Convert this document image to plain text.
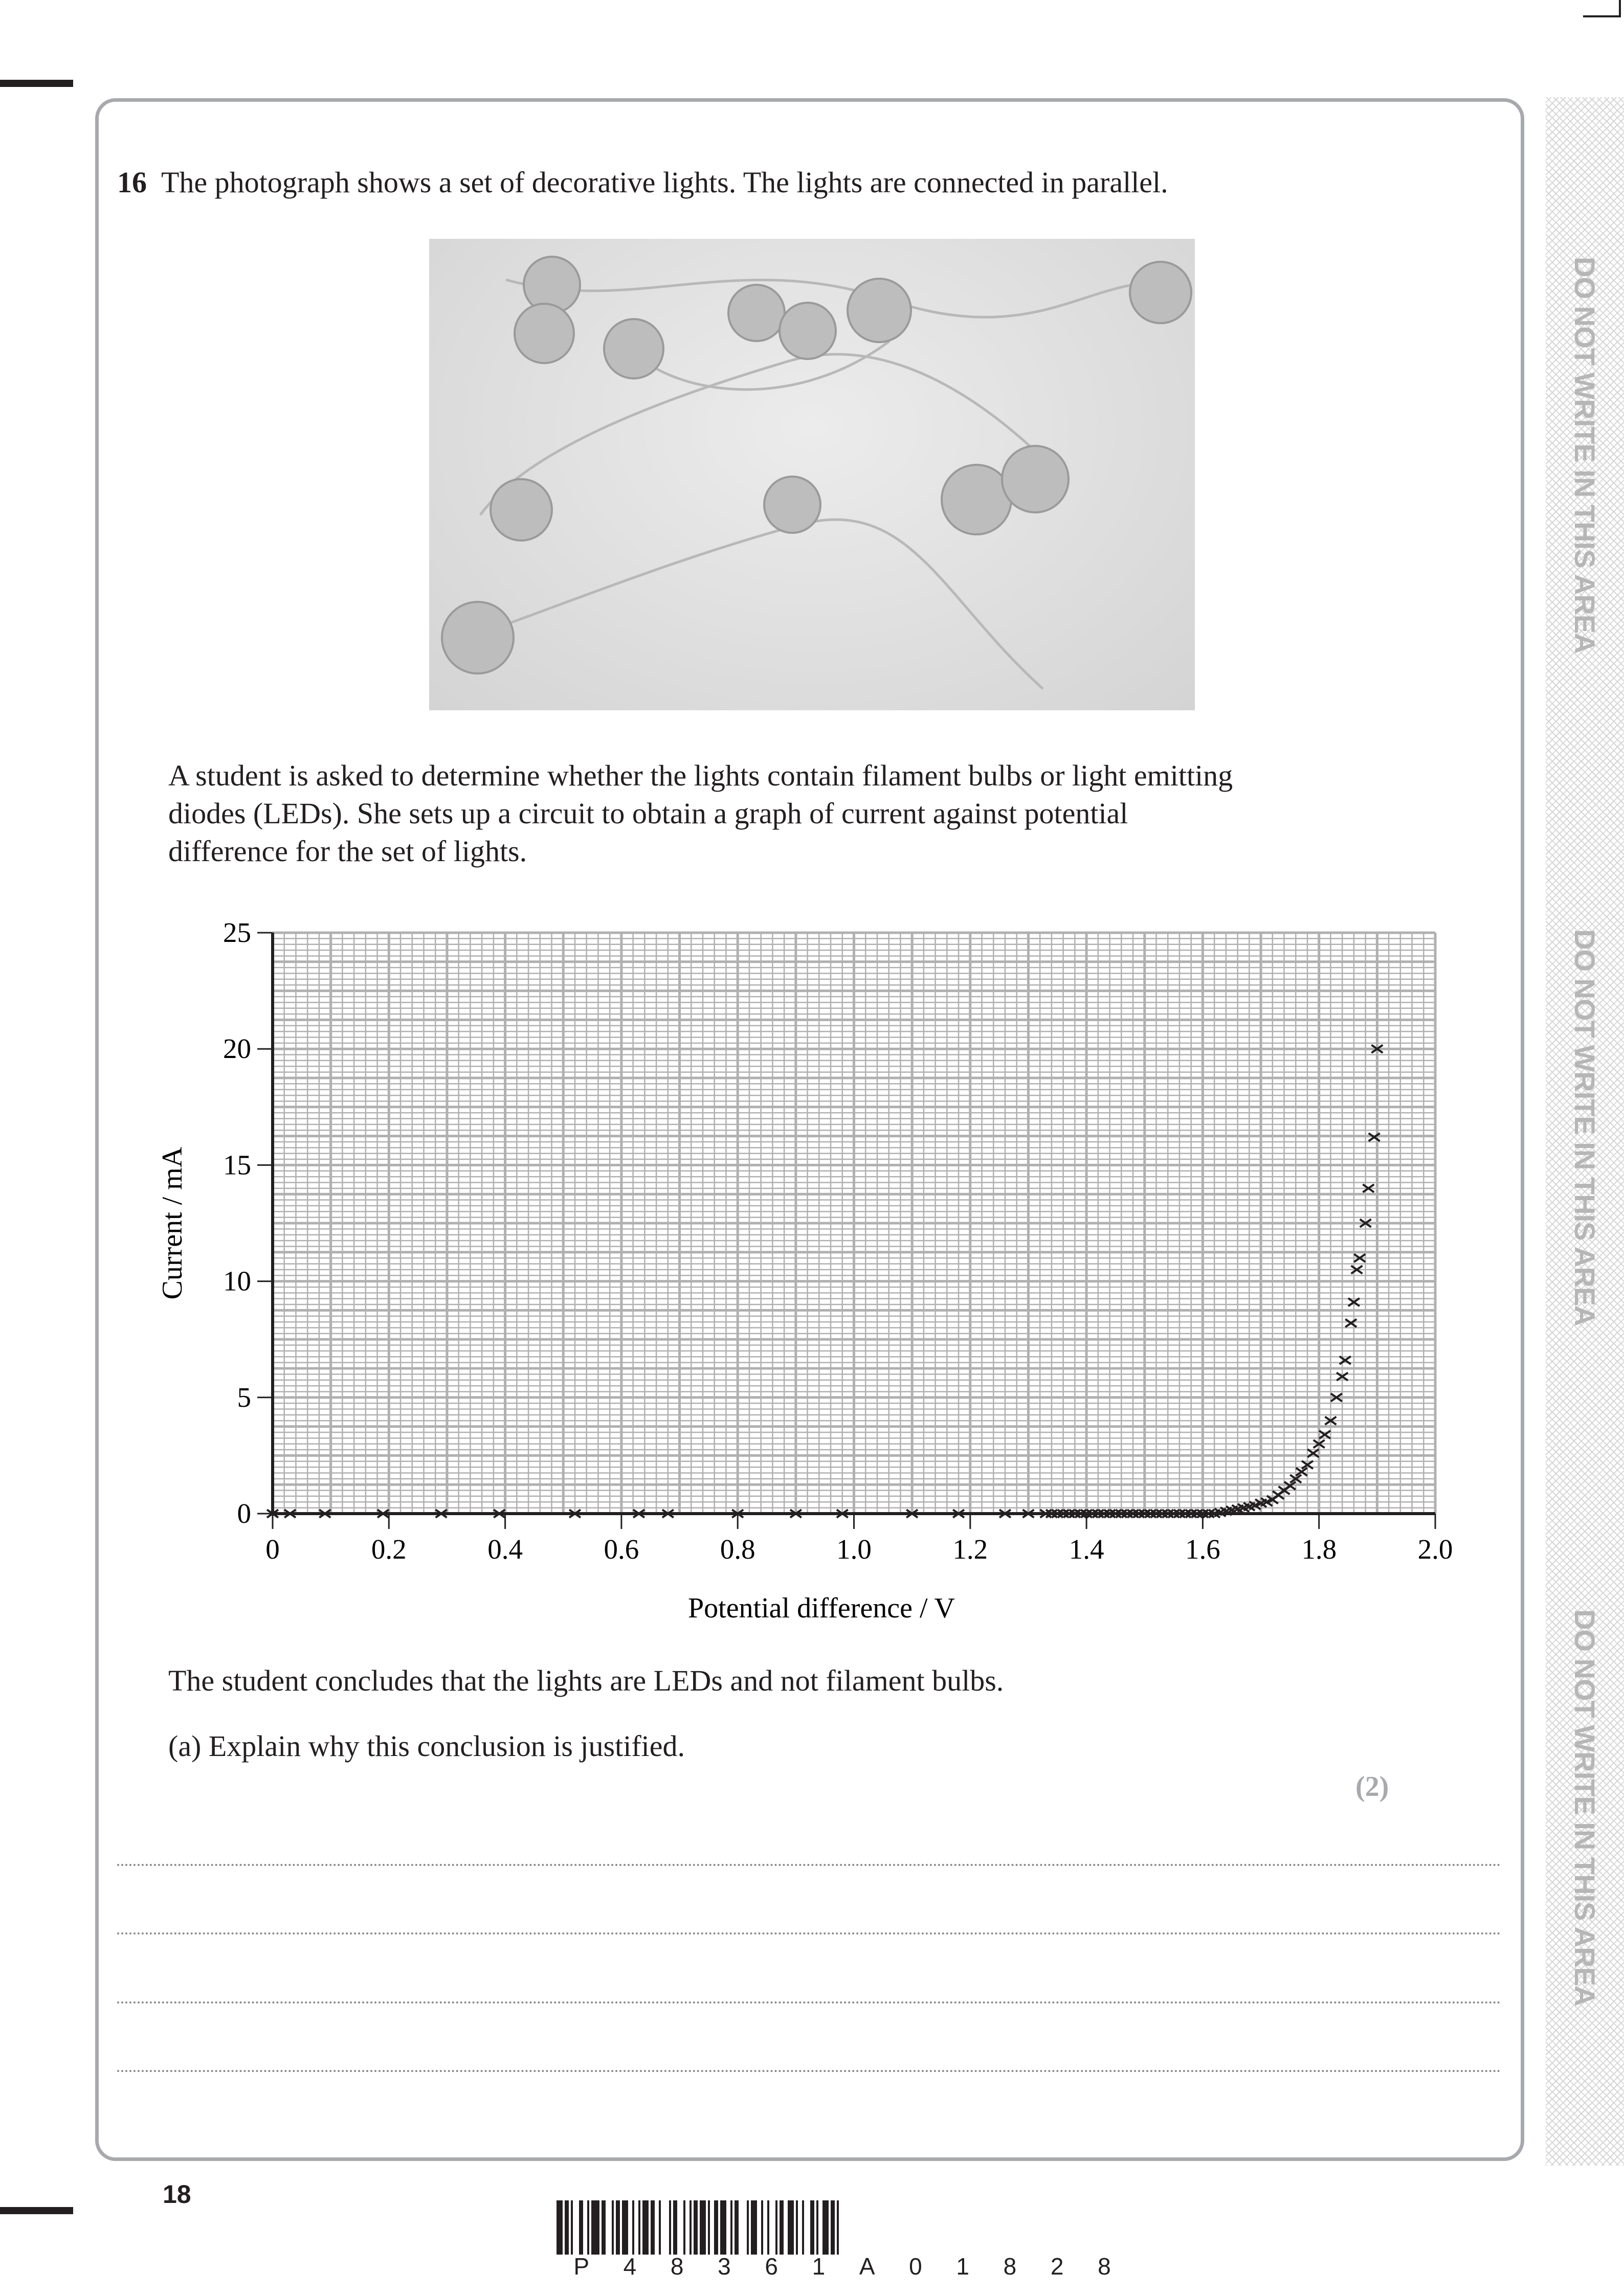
DO NOT WRITE IN THIS AREA
DO NOT WRITE IN THIS AREA
DO NOT WRITE IN THIS AREA
16 The photograph shows a set of decorative lights. The lights are connected in parallel.
A student is asked to determine whether the lights contain filament bulbs or light emitting
diodes (LEDs). She sets up a circuit to obtain a graph of current against potential
difference for the set of lights.
0	0.2	0.4	0.6	0.8	1.0	1.2	1.4	1.6	1.8	2.0
0
5
10
15
20
25
Potential difference / V
Current / mA
The student concludes that the lights are LEDs and not filament bulbs.
(a) Explain why this conclusion is justified.
(2)
18
P 4 8 3 6 1 A 0 1 8 2 8
